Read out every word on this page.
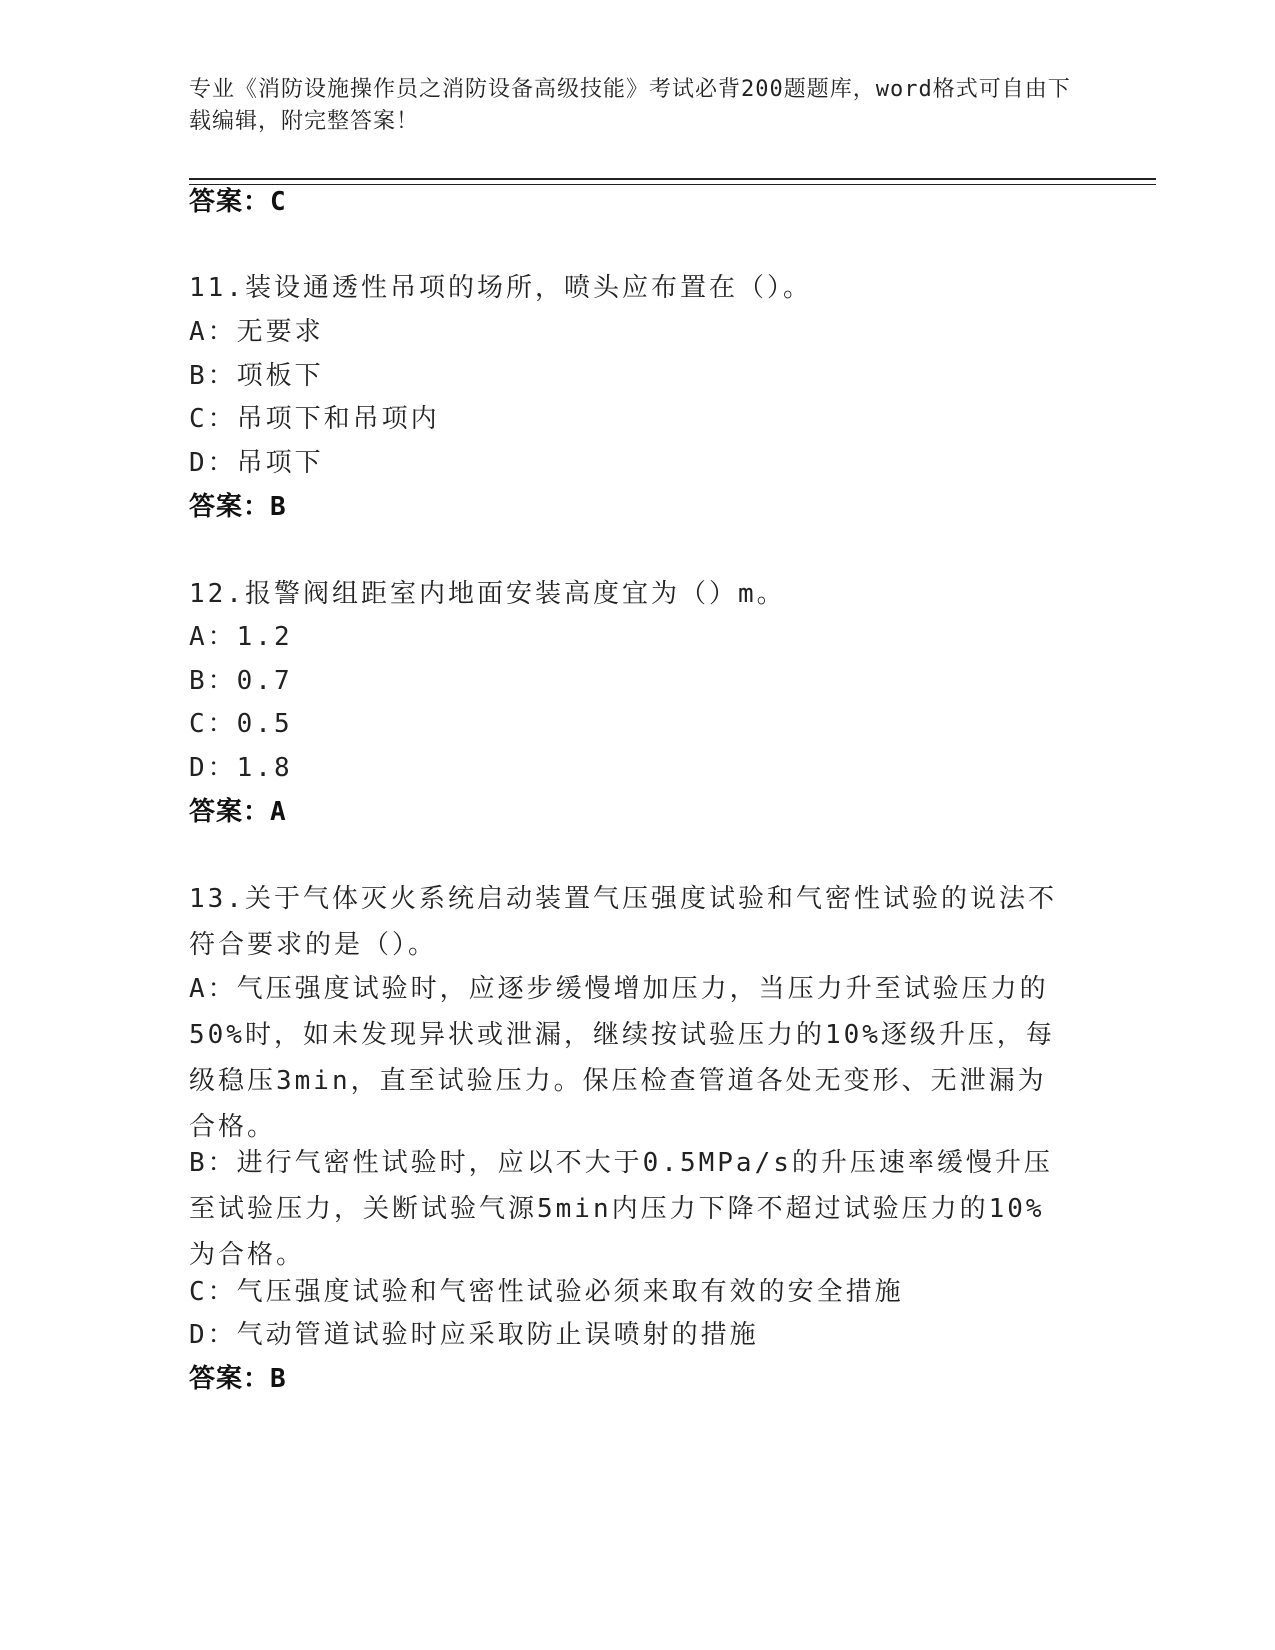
专业《消防设施操作员之消防设备高级技能》考试必背200题题库，word格式可自由下载编辑，附完整答案！
答案：C
11.装设通透性吊项的场所，喷头应布置在（）。
A：无要求
B：项板下
C：吊项下和吊项内
D：吊项下
答案：B
12.报警阀组距室内地面安装高度宜为（）m。
A：1.2
B：0.7
C：0.5
D：1.8
答案：A
13.关于气体灭火系统启动装置气压强度试验和气密性试验的说法不符合要求的是（）。
A：气压强度试验时，应逐步缓慢增加压力，当压力升至试验压力的50%时，如未发现异状或泄漏，继续按试验压力的10%逐级升压，每级稳压3min，直至试验压力。保压检查管道各处无变形、无泄漏为合格。
B：进行气密性试验时，应以不大于0.5MPa/s的升压速率缓慢升压至试验压力，关断试验气源5min内压力下降不超过试验压力的10%为合格。
C：气压强度试验和气密性试验必须来取有效的安全措施
D：气动管道试验时应采取防止误喷射的措施
答案：B
